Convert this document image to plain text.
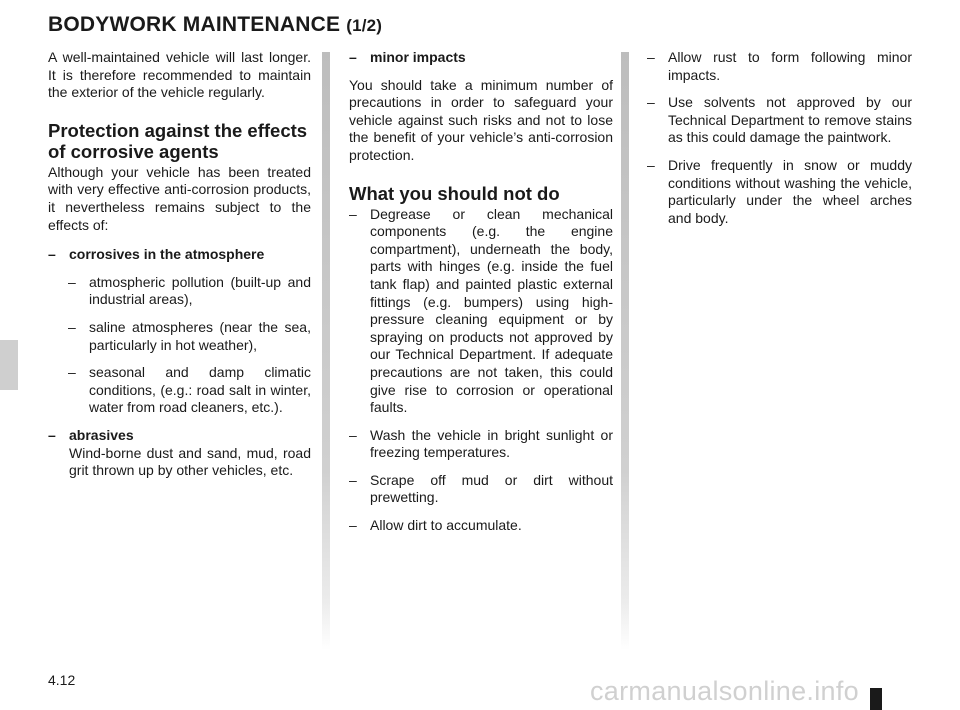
BODYWORK MAINTENANCE (1/2)

A well-maintained vehicle will last longer. It is therefore recommended to maintain the exterior of the vehicle regularly.

Protection against the effects of corrosive agents

Although your vehicle has been treated with very effective anti-corrosion products, it nevertheless remains subject to the effects of:

– corrosives in the atmosphere
– atmospheric pollution (built-up and industrial areas),
– saline atmospheres (near the sea, particularly in hot weather),
– seasonal and damp climatic conditions, (e.g.: road salt in winter, water from road cleaners, etc.).
– abrasives
Wind-borne dust and sand, mud, road grit thrown up by other vehicles, etc.
– minor impacts

You should take a minimum number of precautions in order to safeguard your vehicle against such risks and not to lose the benefit of your vehicle’s anti-corrosion protection.

What you should not do
– Degrease or clean mechanical components (e.g. the engine compartment), underneath the body, parts with hinges (e.g. inside the fuel tank flap) and painted plastic external fittings (e.g. bumpers) using high-pressure cleaning equipment or by spraying on products not approved by our Technical Department. If adequate precautions are not taken, this could give rise to corrosion or operational faults.
– Wash the vehicle in bright sunlight or freezing temperatures.
– Scrape off mud or dirt without prewetting.
– Allow dirt to accumulate.
– Allow rust to form following minor impacts.
– Use solvents not approved by our Technical Department to remove stains as this could damage the paintwork.
– Drive frequently in snow or muddy conditions without washing the vehicle, particularly under the wheel arches and body.
4.12	carmanualsonline.info
